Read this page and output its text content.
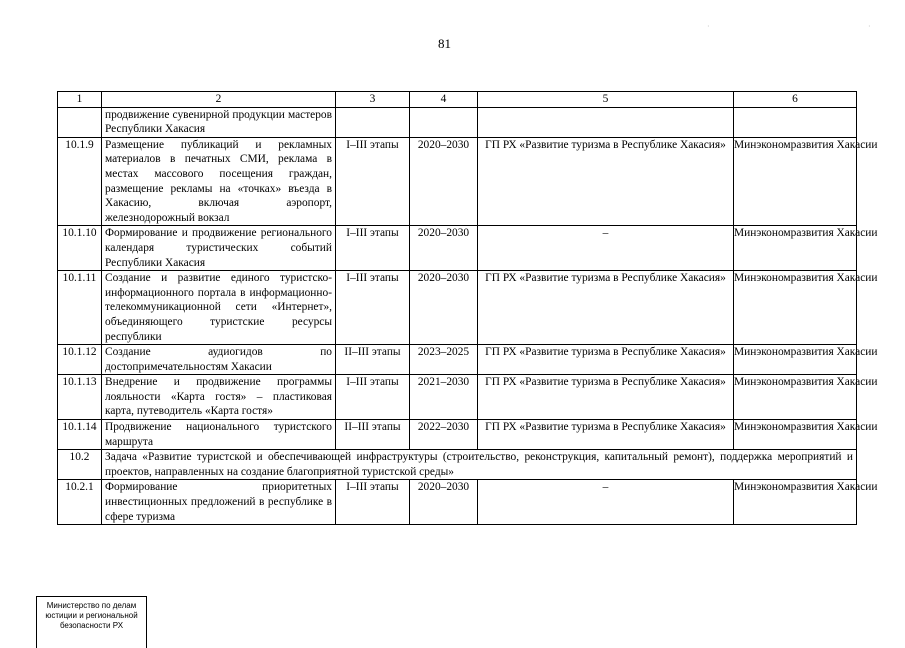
·	·
81
1	2	3	4	5	6
	продвижение сувенирной продукции мастеров Республики Хакасия				
10.1.9	Размещение публикаций и рекламных материалов в печатных СМИ, реклама в местах массового посещения граждан, размещение рекламы на «точках» въезда в Хакасию, включая аэропорт, железнодорожный вокзал	I–III этапы	2020–2030	ГП РХ «Развитие туризма в Республике Хакасия»	Минэкономразвития Хакасии
10.1.10	Формирование и продвижение регионального календаря туристических событий Республики Хакасия	I–III этапы	2020–2030	–	Минэкономразвития Хакасии
10.1.11	Создание и развитие единого туристско-информационного портала в информационно-телекоммуникационной сети «Интернет», объединяющего туристские ресурсы республики	I–III этапы	2020–2030	ГП РХ «Развитие туризма в Республике Хакасия»	Минэкономразвития Хакасии
10.1.12	Создание аудиогидов по достопримечательностям Хакасии	II–III этапы	2023–2025	ГП РХ «Развитие туризма в Республике Хакасия»	Минэкономразвития Хакасии
10.1.13	Внедрение и продвижение программы лояльности «Карта гостя» – пластиковая карта, путеводитель «Карта гостя»	I–III этапы	2021–2030	ГП РХ «Развитие туризма в Республике Хакасия»	Минэкономразвития Хакасии
10.1.14	Продвижение национального туристского маршрута	II–III этапы	2022–2030	ГП РХ «Развитие туризма в Республике Хакасия»	Минэкономразвития Хакасии
10.2	Задача «Развитие туристской и обеспечивающей инфраструктуры (строительство, реконструкция, капитальный ремонт), поддержка мероприятий и проектов, направленных на создание благоприятной туристской среды»				
10.2.1	Формирование приоритетных инвестиционных предложений в республике в сфере туризма	I–III этапы	2020–2030	–	Минэкономразвития Хакасии
Министерство по делам
юстиции и региональной
безопасности РХ
